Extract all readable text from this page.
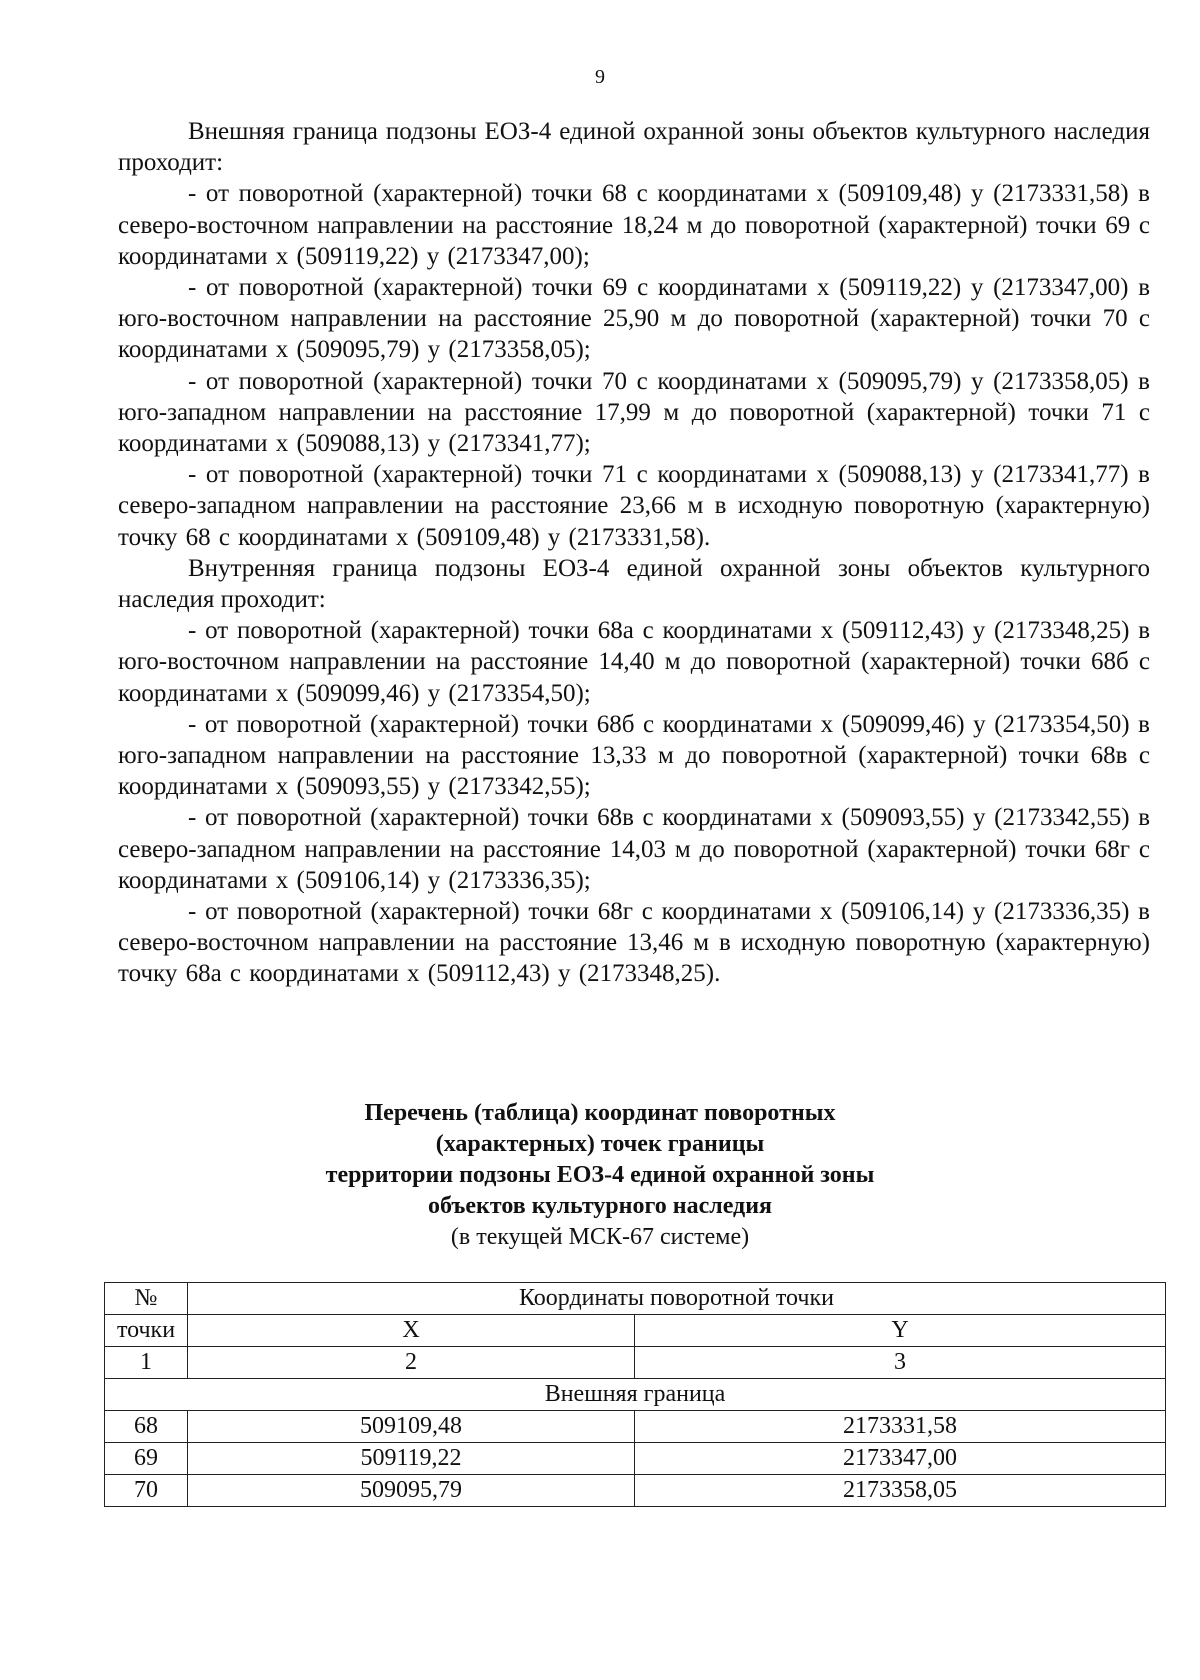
9

Внешняя граница подзоны ЕОЗ-4 единой охранной зоны объектов культурного наследия проходит:

- от поворотной (характерной) точки 68 с координатами х (509109,48) у (2173331,58) в северо-восточном направлении на расстояние 18,24 м до поворотной (характерной) точки 69 с координатами х (509119,22) у (2173347,00);

- от поворотной (характерной) точки 69 с координатами х (509119,22) у (2173347,00) в юго-восточном направлении на расстояние 25,90 м до поворотной (характерной) точки 70 с координатами х (509095,79) у (2173358,05);

- от поворотной (характерной) точки 70 с координатами х (509095,79) у (2173358,05) в юго-западном направлении на расстояние 17,99 м до поворотной (характерной) точки 71 с координатами х (509088,13) у (2173341,77);

- от поворотной (характерной) точки 71 с координатами х (509088,13) у (2173341,77) в северо-западном направлении на расстояние 23,66 м в исходную поворотную (характерную) точку 68 с координатами х (509109,48) у (2173331,58).

Внутренняя граница подзоны ЕОЗ-4 единой охранной зоны объектов культурного наследия проходит:

- от поворотной (характерной) точки 68а с координатами х (509112,43) у (2173348,25) в юго-восточном направлении на расстояние 14,40 м до поворотной (характерной) точки 68б с координатами х (509099,46) у (2173354,50);

- от поворотной (характерной) точки 68б с координатами х (509099,46) у (2173354,50) в юго-западном направлении на расстояние 13,33 м до поворотной (характерной) точки 68в с координатами х (509093,55) у (2173342,55);

- от поворотной (характерной) точки 68в с координатами х (509093,55) у (2173342,55) в северо-западном направлении на расстояние 14,03 м до поворотной (характерной) точки 68г с координатами х (509106,14) у (2173336,35);

- от поворотной (характерной) точки 68г с координатами х (509106,14) у (2173336,35) в северо-восточном направлении на расстояние 13,46 м в исходную поворотную (характерную) точку 68а с координатами х (509112,43) у (2173348,25).

Перечень (таблица) координат поворотных
(характерных) точек границы
территории подзоны ЕОЗ-4 единой охранной зоны
объектов культурного наследия
(в текущей МСК-67 системе)
№	Координаты поворотной точки	
точки	X	Y
1	2	3
Внешняя граница		
68	509109,48	2173331,58
69	509119,22	2173347,00
70	509095,79	2173358,05
